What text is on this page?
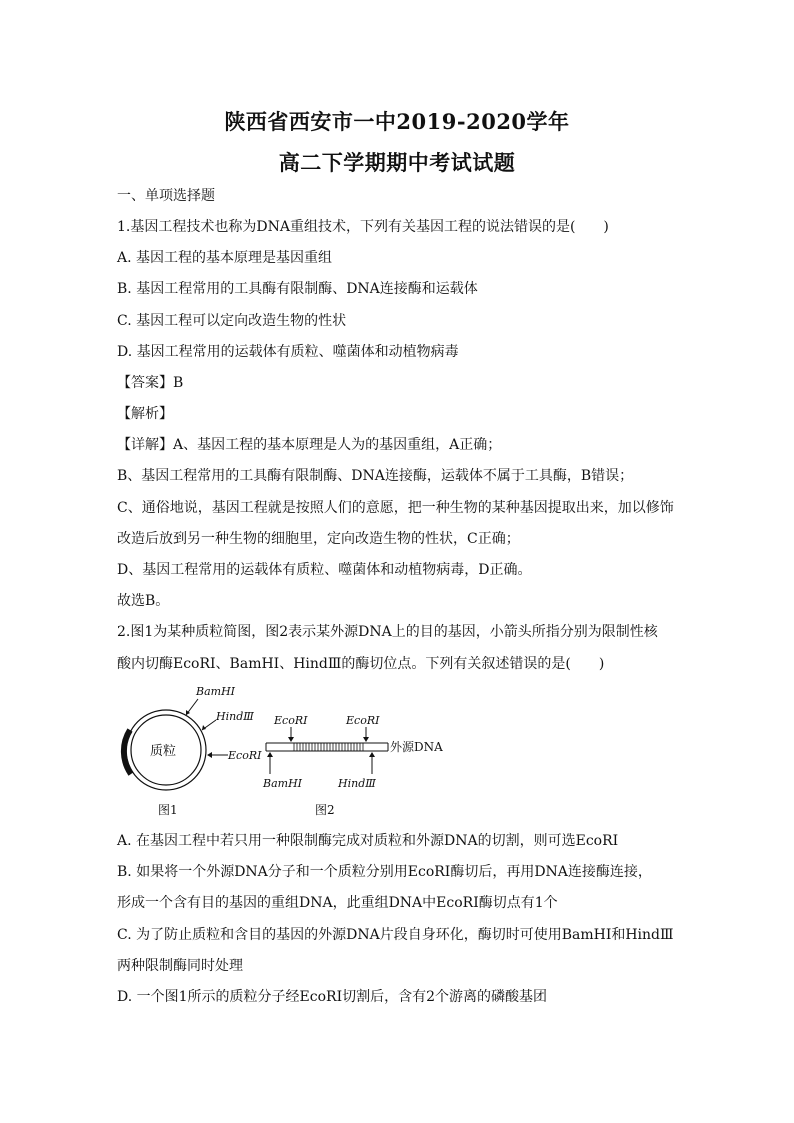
陕西省西安市一中2019-2020学年
高二下学期期中考试试题
一、单项选择题
1.基因工程技术也称为DNA重组技术，下列有关基因工程的说法错误的是(　　)
A. 基因工程的基本原理是基因重组
B. 基因工程常用的工具酶有限制酶、DNA连接酶和运载体
C. 基因工程可以定向改造生物的性状
D. 基因工程常用的运载体有质粒、噬菌体和动植物病毒
【答案】B
【解析】
【详解】A、基因工程的基本原理是人为的基因重组，A正确；
B、基因工程常用的工具酶有限制酶、DNA连接酶，运载体不属于工具酶，B错误；
C、通俗地说，基因工程就是按照人们的意愿，把一种生物的某种基因提取出来，加以修饰
改造后放到另一种生物的细胞里，定向改造生物的性状，C正确；
D、基因工程常用的运载体有质粒、噬菌体和动植物病毒，D正确。
故选B。
2.图1为某种质粒简图，图2表示某外源DNA上的目的基因，小箭头所指分别为限制性核
酸内切酶EcoRⅠ、BamHⅠ、HindⅢ的酶切位点。下列有关叙述错误的是(　　)
质粒
BamHⅠ
HindⅢ
EcoRⅠ
图1
外源DNA
EcoRⅠ	EcoRⅠ
BamHⅠ	HindⅢ
图2
A. 在基因工程中若只用一种限制酶完成对质粒和外源DNA的切割，则可选EcoRⅠ
B. 如果将一个外源DNA分子和一个质粒分别用EcoRⅠ酶切后，再用DNA连接酶连接，
形成一个含有目的基因的重组DNA，此重组DNA中EcoRⅠ酶切点有1个
C. 为了防止质粒和含目的基因的外源DNA片段自身环化，酶切时可使用BamHⅠ和HindⅢ
两种限制酶同时处理
D. 一个图1所示的质粒分子经EcoRⅠ切割后，含有2个游离的磷酸基团
